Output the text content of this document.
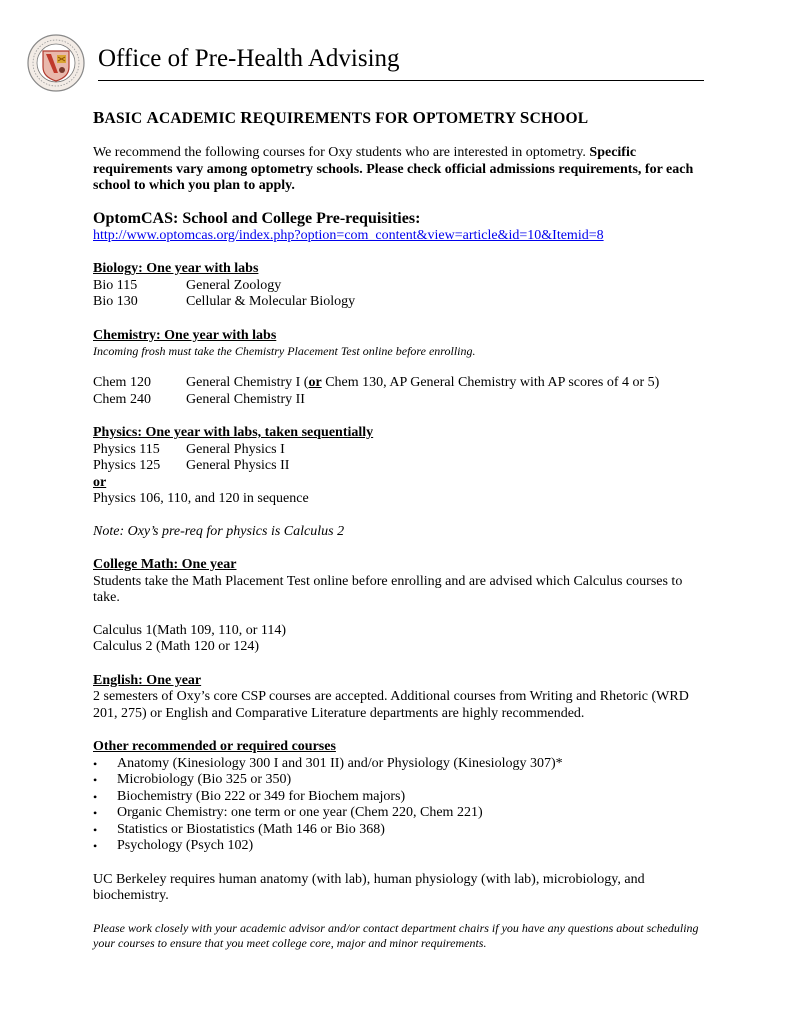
Office of Pre-Health Advising
BASIC ACADEMIC REQUIREMENTS FOR OPTOMETRY SCHOOL

We recommend the following courses for Oxy students who are interested in optometry. Specific requirements vary among optometry schools. Please check official admissions requirements, for each school to which you plan to apply.

OptomCAS: School and College Pre-requisities:
http://www.optomcas.org/index.php?option=com_content&view=article&id=10&Itemid=8
Biology: One year with labs
Bio 115	General Zoology
Bio 130	Cellular & Molecular Biology
Chemistry: One year with labs
Incoming frosh must take the Chemistry Placement Test online before enrolling.
Chem 120	General Chemistry I (or Chem 130, AP General Chemistry with AP scores of 4 or 5)
Chem 240	General Chemistry II
Physics: One year with labs, taken sequentially
Physics 115	General Physics I
Physics 125	General Physics II
or

Physics 106, 110, and 120 in sequence

Note: Oxy’s pre-req for physics is Calculus 2

College Math: One year

Students take the Math Placement Test online before enrolling and are advised which Calculus courses to take.

Calculus 1(Math 109, 110, or 114)

Calculus 2 (Math 120 or 124)

English: One year

2 semesters of Oxy’s core CSP courses are accepted. Additional courses from Writing and Rhetoric (WRD 201, 275) or English and Comparative Literature departments are highly recommended.

Other recommended or required courses
• Anatomy (Kinesiology 300 I and 301 II) and/or Physiology (Kinesiology 307)*
• Microbiology (Bio 325 or 350)
• Biochemistry (Bio 222 or 349 for Biochem majors)
• Organic Chemistry: one term or one year (Chem 220, Chem 221)
• Statistics or Biostatistics (Math 146 or Bio 368)
• Psychology (Psych 102)

UC Berkeley requires human anatomy (with lab), human physiology (with lab), microbiology, and biochemistry.

Please work closely with your academic advisor and/or contact department chairs if you have any questions about scheduling your courses to ensure that you meet college core, major and minor requirements.
